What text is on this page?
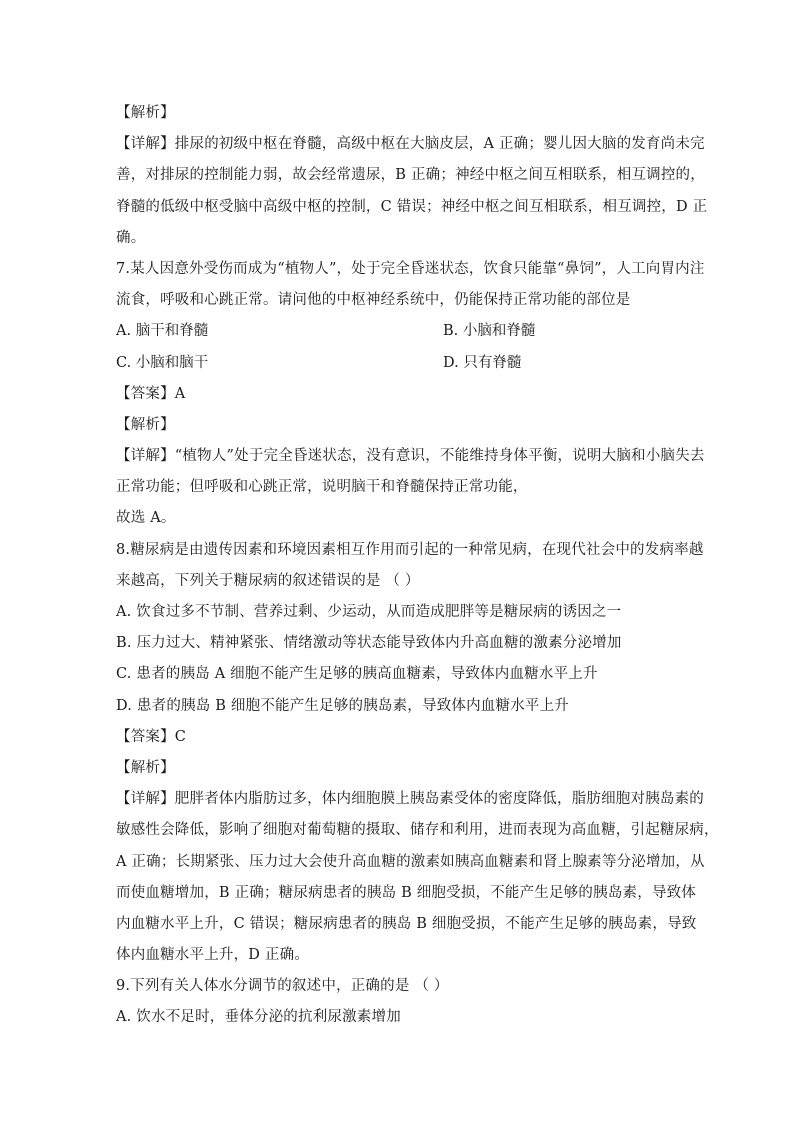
【解析】
【详解】排尿的初级中枢在脊髓，高级中枢在大脑皮层，A 正确；婴儿因大脑的发育尚未完
善，对排尿的控制能力弱，故会经常遗尿，B 正确；神经中枢之间互相联系，相互调控的，
脊髓的低级中枢受脑中高级中枢的控制，C 错误；神经中枢之间互相联系，相互调控，D 正
确。
7.某人因意外受伤而成为“植物人”，处于完全昏迷状态，饮食只能靠“鼻饲”，人工向胃内注
流食，呼吸和心跳正常。请问他的中枢神经系统中，仍能保持正常功能的部位是
A. 脑干和脊髓	B. 小脑和脊髓
C. 小脑和脑干	D. 只有脊髓
【答案】A
【解析】
【详解】“植物人”处于完全昏迷状态，没有意识，不能维持身体平衡，说明大脑和小脑失去
正常功能；但呼吸和心跳正常，说明脑干和脊髓保持正常功能，
故选 A。
8.糖尿病是由遗传因素和环境因素相互作用而引起的一种常见病，在现代社会中的发病率越
来越高，下列关于糖尿病的叙述错误的是 （ ）
A. 饮食过多不节制、营养过剩、少运动，从而造成肥胖等是糖尿病的诱因之一
B. 压力过大、精神紧张、情绪激动等状态能导致体内升高血糖的激素分泌增加
C. 患者的胰岛 A 细胞不能产生足够的胰高血糖素，导致体内血糖水平上升
D. 患者的胰岛 B 细胞不能产生足够的胰岛素，导致体内血糖水平上升
【答案】C
【解析】
【详解】肥胖者体内脂肪过多，体内细胞膜上胰岛素受体的密度降低，脂肪细胞对胰岛素的
敏感性会降低，影响了细胞对葡萄糖的摄取、储存和利用，进而表现为高血糖，引起糖尿病，
A 正确；长期紧张、压力过大会使升高血糖的激素如胰高血糖素和肾上腺素等分泌增加，从
而使血糖增加，B 正确；糖尿病患者的胰岛 B 细胞受损，不能产生足够的胰岛素，导致体
内血糖水平上升，C 错误；糖尿病患者的胰岛 B 细胞受损，不能产生足够的胰岛素，导致
体内血糖水平上升，D 正确。
9.下列有关人体水分调节的叙述中，正确的是 （ ）
A. 饮水不足时，垂体分泌的抗利尿激素增加
